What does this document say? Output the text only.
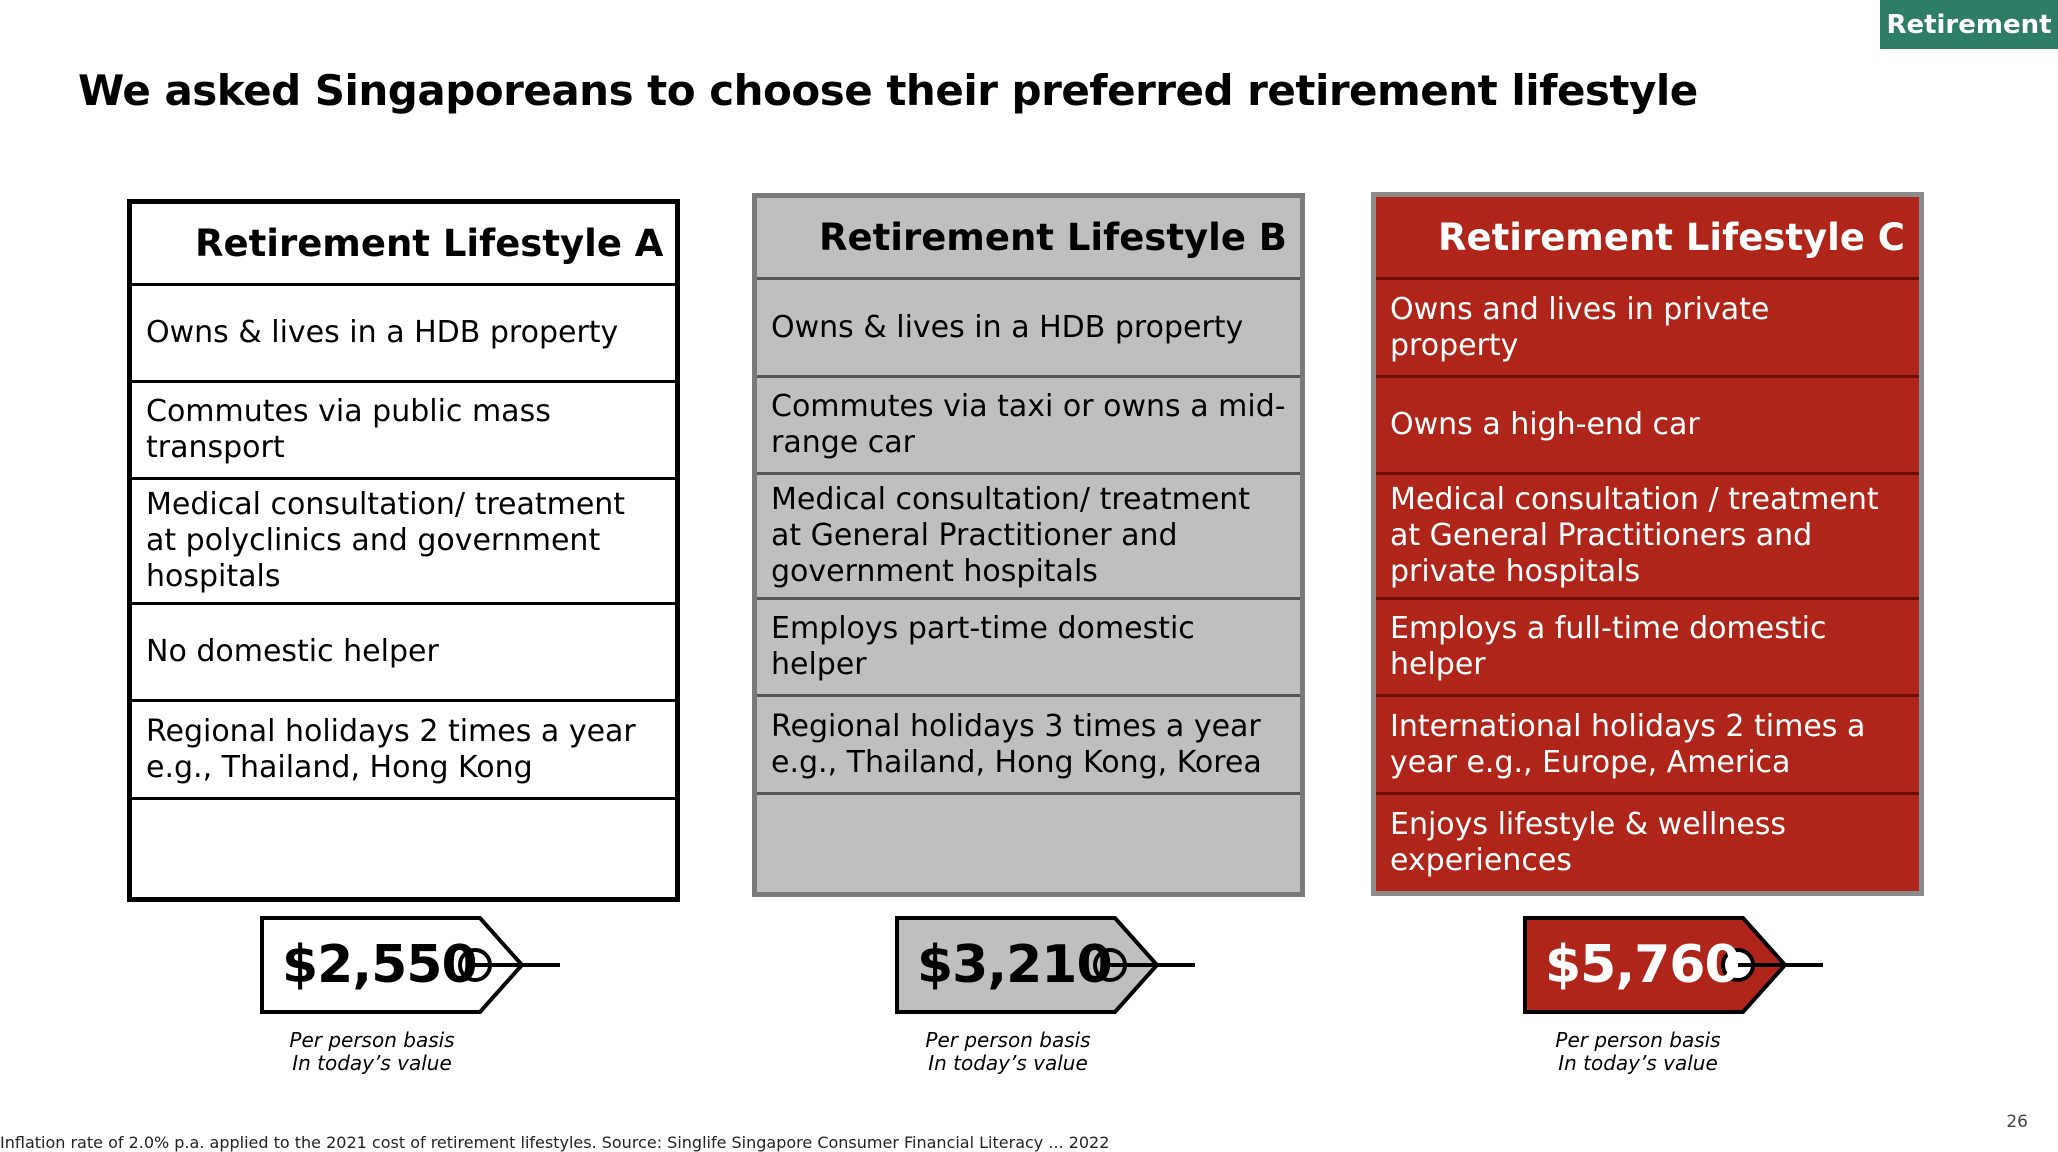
Retirement
We asked Singaporeans to choose their preferred retirement lifestyle
Retirement Lifestyle A
Owns & lives in a HDB property
Commutes via public mass transport
Medical consultation/ treatment at polyclinics and government hospitals
No domestic helper
Regional holidays 2 times a year e.g., Thailand, Hong Kong
Retirement Lifestyle B
Owns & lives in a HDB property
Commutes via taxi or owns a mid-range car
Medical consultation/ treatment at General Practitioner and government hospitals
Employs part-time domestic helper
Regional holidays 3 times a year e.g., Thailand, Hong Kong, Korea
Retirement Lifestyle C
Owns and lives in private property
Owns a high-end car
Medical consultation / treatment at General Practitioners and private hospitals
Employs a full-time domestic helper
International holidays 2 times a year e.g., Europe, America
Enjoys lifestyle & wellness experiences
$2,550	$3,210	$5,760
Per person basis
In today’s value
Per person basis
In today’s value
Per person basis
In today’s value
26
Inflation rate of 2.0% p.a. applied to the 2021 cost of retirement lifestyles. Source: Singlife Singapore Consumer Financial Literacy ... 2022
